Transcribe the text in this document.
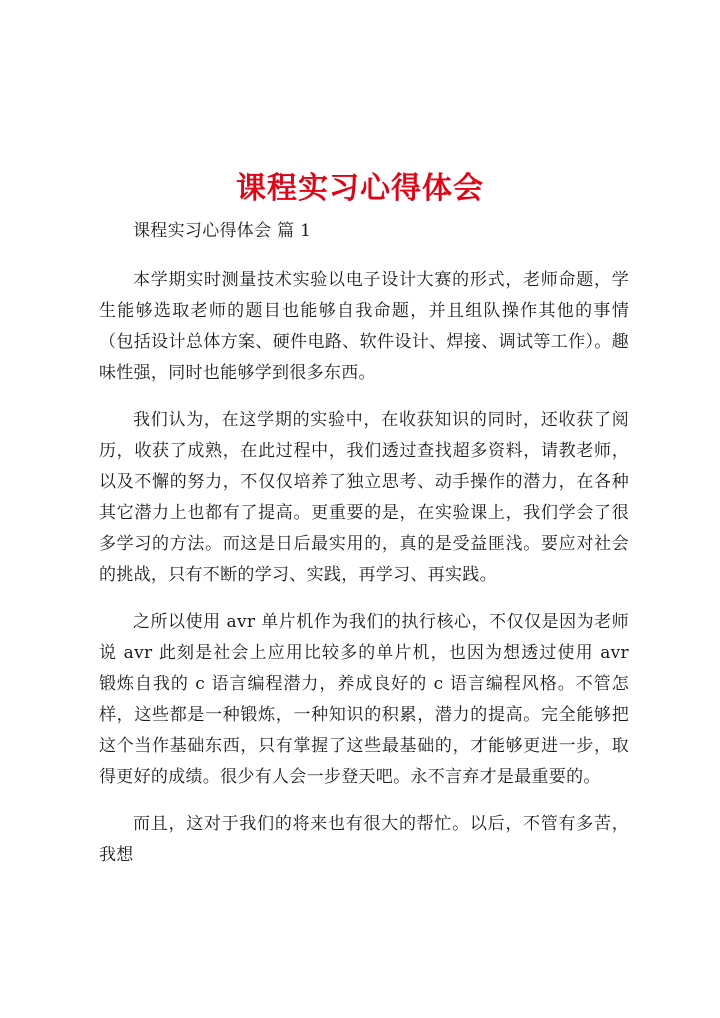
课程实习心得体会

课程实习心得体会 篇 1

本学期实时测量技术实验以电子设计大赛的形式，老师命题，学生能够选取老师的题目也能够自我命题，并且组队操作其他的事情（包括设计总体方案、硬件电路、软件设计、焊接、调试等工作）。趣味性强，同时也能够学到很多东西。

我们认为，在这学期的实验中，在收获知识的同时，还收获了阅历，收获了成熟，在此过程中，我们透过查找超多资料，请教老师，以及不懈的努力，不仅仅培养了独立思考、动手操作的潜力，在各种其它潜力上也都有了提高。更重要的是，在实验课上，我们学会了很多学习的方法。而这是日后最实用的，真的是受益匪浅。要应对社会的挑战，只有不断的学习、实践，再学习、再实践。

之所以使用 avr 单片机作为我们的执行核心，不仅仅是因为老师说 avr 此刻是社会上应用比较多的单片机，也因为想透过使用 avr 锻炼自我的 c 语言编程潜力，养成良好的 c 语言编程风格。不管怎样，这些都是一种锻炼，一种知识的积累，潜力的提高。完全能够把这个当作基础东西，只有掌握了这些最基础的，才能够更进一步，取得更好的成绩。很少有人会一步登天吧。永不言弃才是最重要的。

而且，这对于我们的将来也有很大的帮忙。以后，不管有多苦，我想
